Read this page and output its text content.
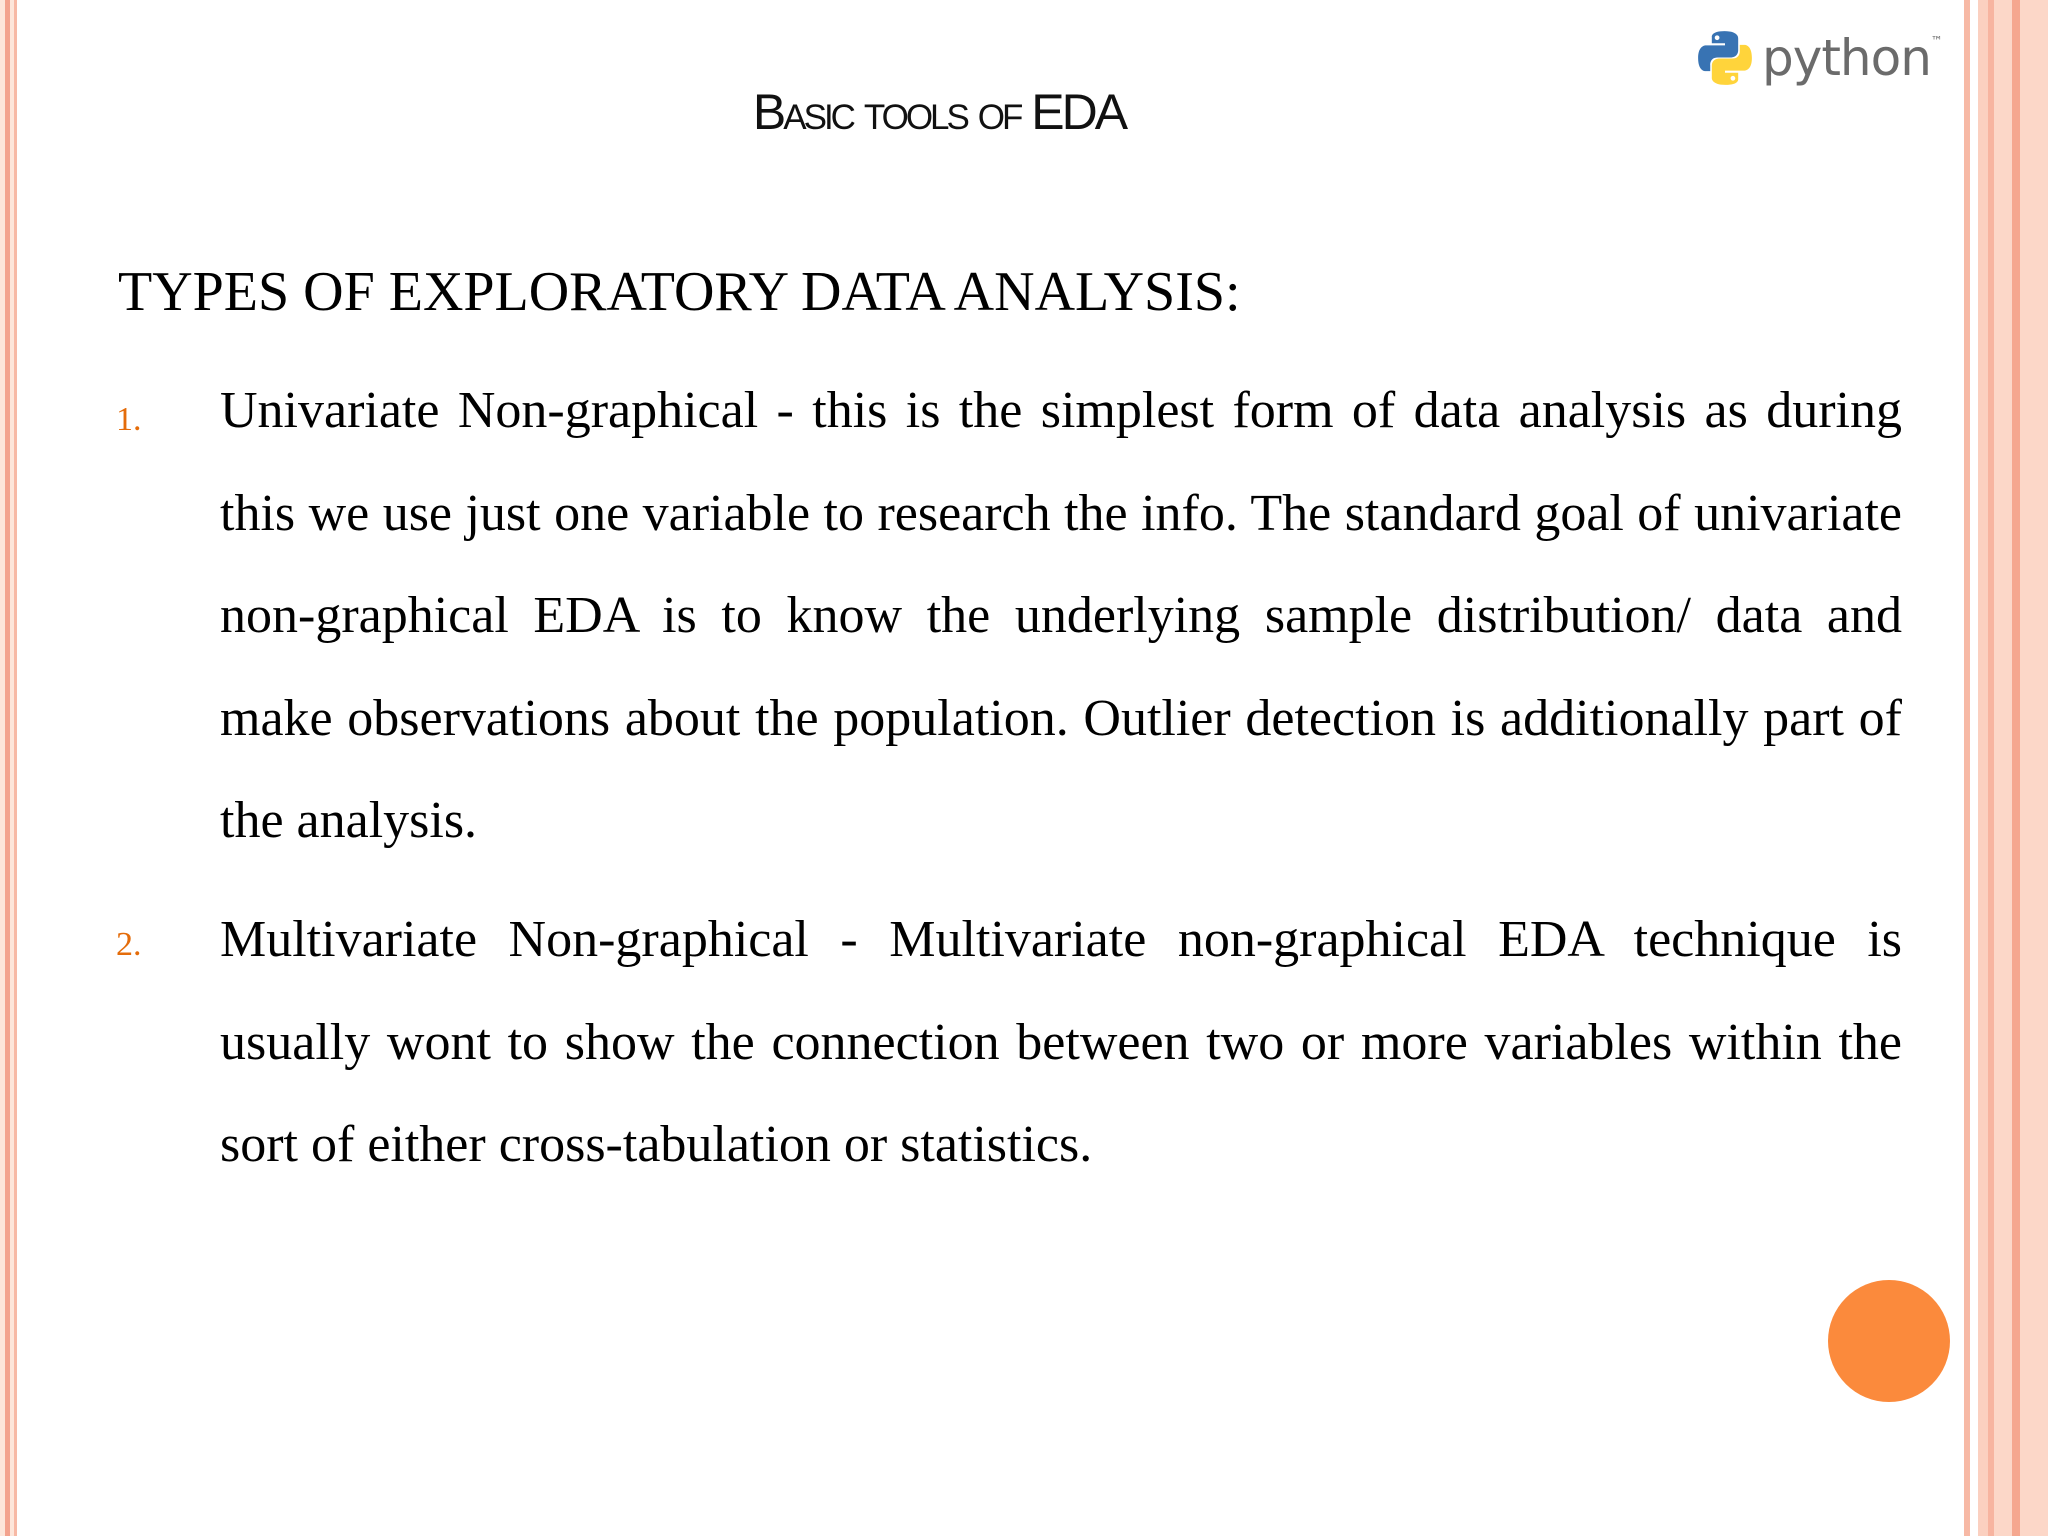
python ™
Basic tools of EDA
TYPES OF EXPLORATORY DATA ANALYSIS:
1. Univariate Non-graphical - this is the simplest form of data analysis as during this we use just one variable to research the info. The standard goal of univariate non-graphical EDA is to know the underlying sample distribution/ data and make observations about the population. Outlier detection is additionally part of the analysis.
2. Multivariate Non-graphical - Multivariate non-graphical EDA technique is usually wont to show the connection between two or more variables within the sort of either cross-tabulation or statistics.
